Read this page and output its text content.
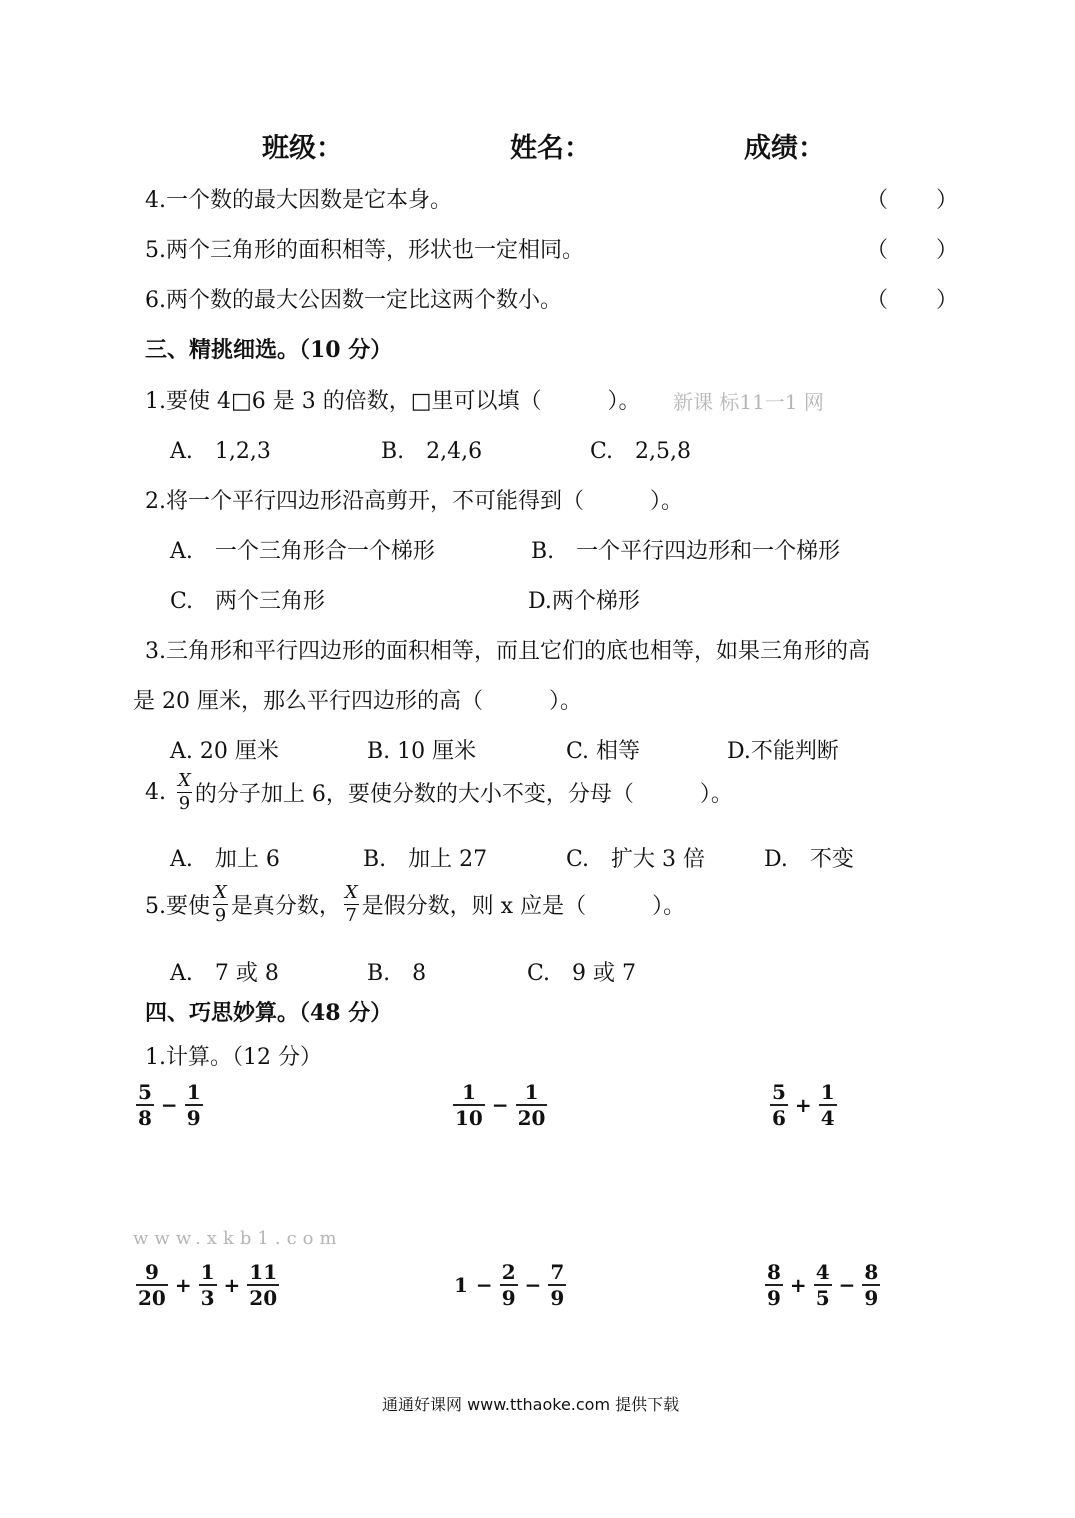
班级：	姓名：	成绩：
4.一个数的最大因数是它本身。	（ ）
5.两个三角形的面积相等，形状也一定相同。	（ ）
6.两个数的最大公因数一定比这两个数小。	（ ）
三、精挑细选。（10 分）
1.要使 4□6 是 3 的倍数，□里可以填（　　　）。 新课 标11一1 网
A.　1,2,3	B.　2,4,6	C.　2,5,8
2.将一个平行四边形沿高剪开，不可能得到（　　　）。
A.　一个三角形合一个梯形	B.　一个平行四边形和一个梯形
C.　两个三角形	D.两个梯形
3.三角形和平行四边形的面积相等，而且它们的底也相等，如果三角形的高
是 20 厘米，那么平行四边形的高（　　　）。
A. 20 厘米	B. 10 厘米	C. 相等	D.不能判断
4. $\frac{X}{9}$ 的分子加上 6，要使分数的大小不变，分母（　　　）。
A.　加上 6	B.　加上 27	C.　扩大 3 倍	D.　不变
5.要使 $\frac{X}{9}$ 是真分数， $\frac{X}{7}$ 是假分数，则 x 应是（　　　）。
A.　7 或 8	B.　8	C.　9 或 7
四、巧思妙算。（48 分）
1.计算。（12 分）
$\frac{5}{8} - \frac{1}{9}$	$\frac{1}{10} - \frac{1}{20}$	$\frac{5}{6} + \frac{1}{4}$
www.xkb1.com
$\frac{9}{20} + \frac{1}{3} + \frac{11}{20}$	$1 - \frac{2}{9} - \frac{7}{9}$	$\frac{8}{9} + \frac{4}{5} - \frac{8}{9}$
通通好课网 www.tthaoke.com 提供下载
